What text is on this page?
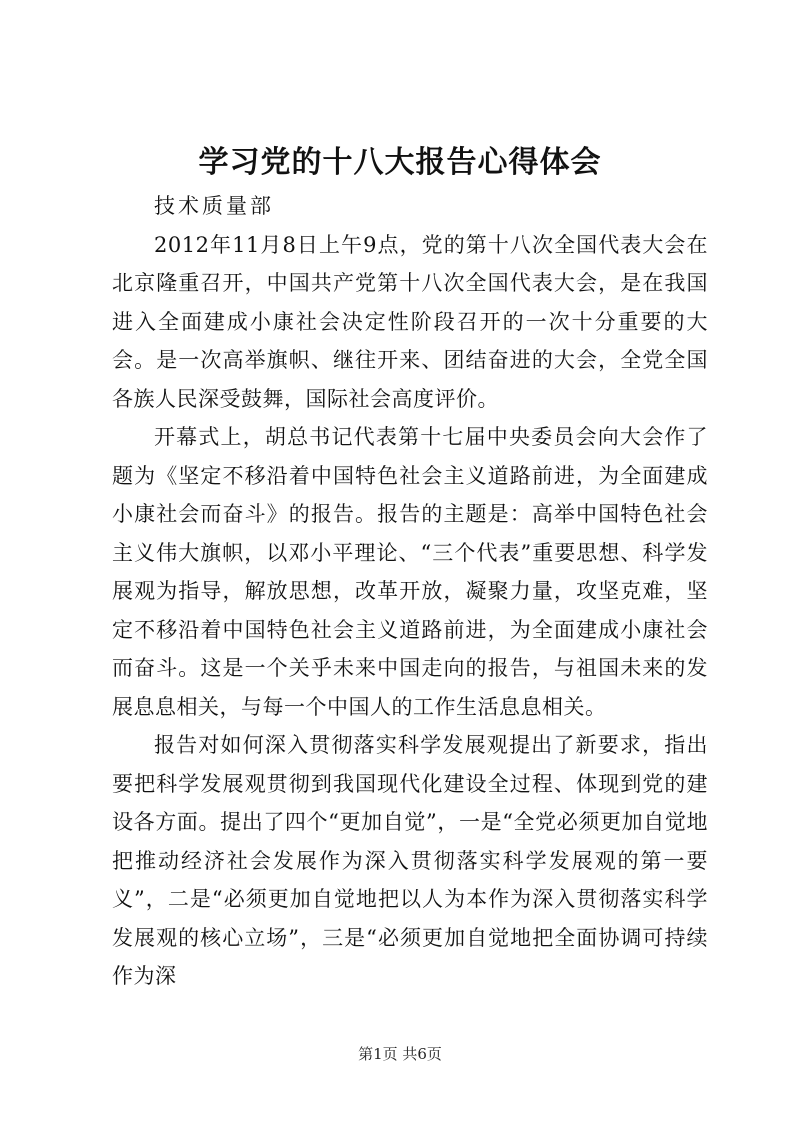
学习党的十八大报告心得体会

技术质量部

2012年11月8日上午9点，党的第十八次全国代表大会在北京隆重召开，中国共产党第十八次全国代表大会，是在我国进入全面建成小康社会决定性阶段召开的一次十分重要的大会。是一次高举旗帜、继往开来、团结奋进的大会，全党全国各族人民深受鼓舞，国际社会高度评价。

开幕式上，胡总书记代表第十七届中央委员会向大会作了题为《坚定不移沿着中国特色社会主义道路前进，为全面建成小康社会而奋斗》的报告。报告的主题是：高举中国特色社会主义伟大旗帜，以邓小平理论、“三个代表”重要思想、科学发展观为指导，解放思想，改革开放，凝聚力量，攻坚克难，坚定不移沿着中国特色社会主义道路前进，为全面建成小康社会而奋斗。这是一个关乎未来中国走向的报告，与祖国未来的发展息息相关，与每一个中国人的工作生活息息相关。

报告对如何深入贯彻落实科学发展观提出了新要求，指出要把科学发展观贯彻到我国现代化建设全过程、体现到党的建设各方面。提出了四个“更加自觉”，一是“全党必须更加自觉地把推动经济社会发展作为深入贯彻落实科学发展观的第一要义”，二是“必须更加自觉地把以人为本作为深入贯彻落实科学发展观的核心立场”，三是“必须更加自觉地把全面协调可持续作为深

第1页 共6页
